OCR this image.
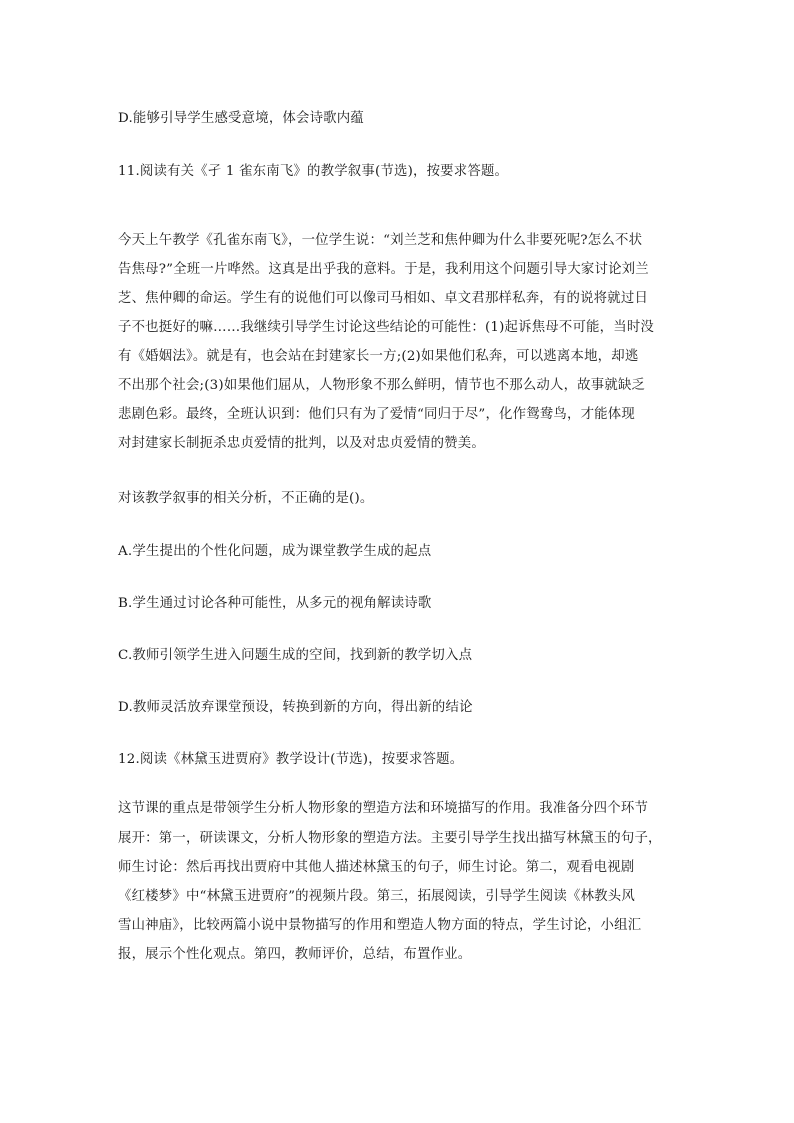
D.能够引导学生感受意境，体会诗歌内蕴
11.阅读有关《孑 1 雀东南飞》的教学叙事(节选)，按要求答题。
今天上午教学《孔雀东南飞》，一位学生说：“刘兰芝和焦仲卿为什么非要死呢?怎么不状
告焦母?”全班一片哗然。这真是出乎我的意料。于是，我利用这个问题引导大家讨论刘兰
芝、焦仲卿的命运。学生有的说他们可以像司马相如、卓文君那样私奔，有的说将就过日
子不也挺好的嘛……我继续引导学生讨论这些结论的可能性：(1)起诉焦母不可能，当时没
有《婚姻法》。就是有，也会站在封建家长一方;(2)如果他们私奔，可以逃离本地，却逃
不出那个社会;(3)如果他们屈从，人物形象不那么鲜明，情节也不那么动人，故事就缺乏
悲剧色彩。最终，全班认识到：他们只有为了爱情“同归于尽”，化作鸳鸯鸟，才能体现
对封建家长制扼杀忠贞爱情的批判，以及对忠贞爱情的赞美。
对该教学叙事的相关分析，不正确的是()。
A.学生提出的个性化问题，成为课堂教学生成的起点
B.学生通过讨论各种可能性，从多元的视角解读诗歌
C.教师引领学生进入问题生成的空间，找到新的教学切入点
D.教师灵活放弃课堂预设，转换到新的方向，得出新的结论
12.阅读《林黛玉进贾府》教学设计(节选)，按要求答题。
这节课的重点是带领学生分析人物形象的塑造方法和环境描写的作用。我准备分四个环节
展开：第一，研读课文，分析人物形象的塑造方法。主要引导学生找出描写林黛玉的句子，
师生讨论：然后再找出贾府中其他人描述林黛玉的句子，师生讨论。第二，观看电视剧
《红楼梦》中“林黛玉进贾府”的视频片段。第三，拓展阅读，引导学生阅读《林教头风
雪山神庙》，比较两篇小说中景物描写的作用和塑造人物方面的特点，学生讨论，小组汇
报，展示个性化观点。第四，教师评价，总结，布置作业。
